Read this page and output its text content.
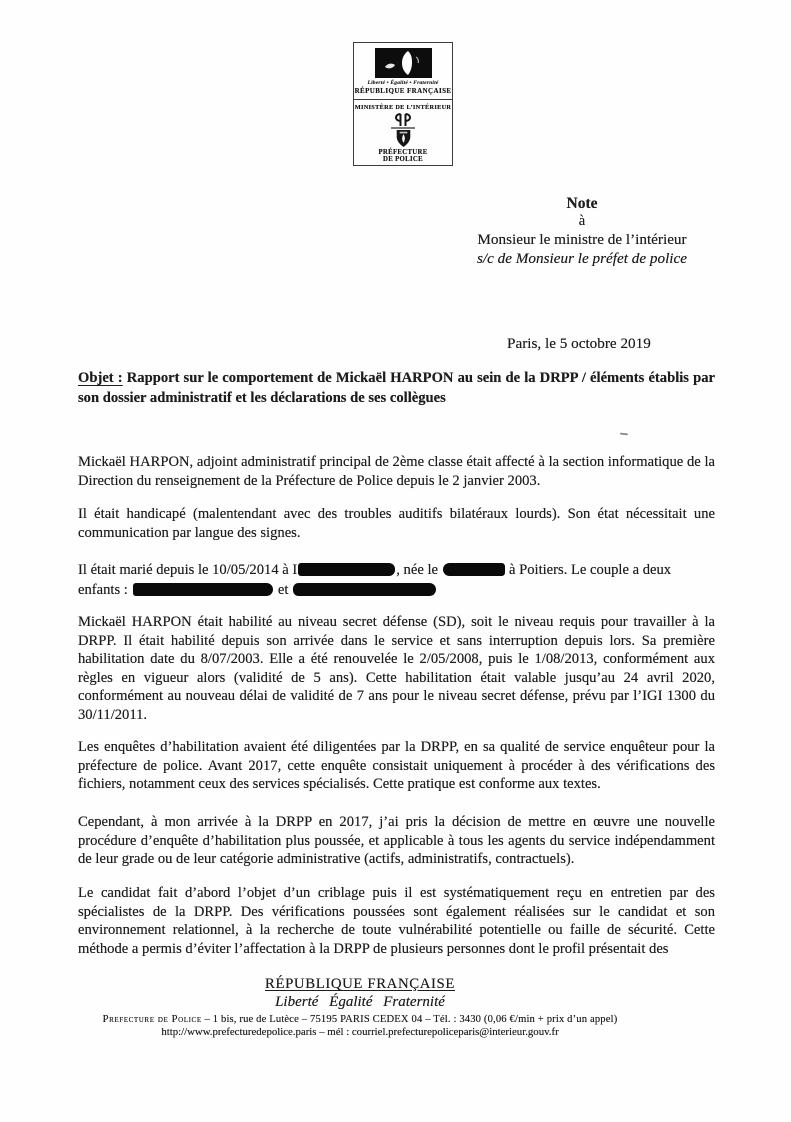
Liberté • Égalité • Fraternité
RÉPUBLIQUE FRANÇAISE
MINISTÈRE DE L’INTÉRIEUR
PRÉFECTURE
DE POLICE
Note
à
Monsieur le ministre de l’intérieur
s/c de Monsieur le préfet de police
Paris, le 5 octobre 2019

Objet : Rapport sur le comportement de Mickaël HARPON au sein de la DRPP / éléments établis par son dossier administratif et les déclarations de ses collègues

Mickaël HARPON, adjoint administratif principal de 2ème classe était affecté à la section informatique de la Direction du renseignement de la Préfecture de Police depuis le 2 janvier 2003.

Il était handicapé (malentendant avec des troubles auditifs bilatéraux lourds). Son état nécessitait une communication par langue des signes.

Il était marié depuis le 10/05/2014 à I	, née le	à Poitiers. Le couple a deux
enfants :	et

Mickaël HARPON était habilité au niveau secret défense (SD), soit le niveau requis pour travailler à la DRPP. Il était habilité depuis son arrivée dans le service et sans interruption depuis lors. Sa première habilitation date du 8/07/2003. Elle a été renouvelée le 2/05/2008, puis le 1/08/2013, conformément aux règles en vigueur alors (validité de 5 ans). Cette habilitation était valable jusqu’au 24 avril 2020, conformément au nouveau délai de validité de 7 ans pour le niveau secret défense, prévu par l’IGI 1300 du 30/11/2011.

Les enquêtes d’habilitation avaient été diligentées par la DRPP, en sa qualité de service enquêteur pour la préfecture de police. Avant 2017, cette enquête consistait uniquement à procéder à des vérifications des fichiers, notamment ceux des services spécialisés. Cette pratique est conforme aux textes.

Cependant, à mon arrivée à la DRPP en 2017, j’ai pris la décision de mettre en œuvre une nouvelle procédure d’enquête d’habilitation plus poussée, et applicable à tous les agents du service indépendamment de leur grade ou de leur catégorie administrative (actifs, administratifs, contractuels).

Le candidat fait d’abord l’objet d’un criblage puis il est systématiquement reçu en entretien par des spécialistes de la DRPP. Des vérifications poussées sont également réalisées sur le candidat et son environnement relationnel, à la recherche de toute vulnérabilité potentielle ou faille de sécurité. Cette méthode a permis d’éviter l’affectation à la DRPP de plusieurs personnes dont le profil présentait des

RÉPUBLIQUE FRANÇAISE
Liberté Égalité Fraternité
Prefecture de Police – 1 bis, rue de Lutèce – 75195 PARIS CEDEX 04 – Tél. : 3430 (0,06 €/min + prix d’un appel)
http://www.prefecturedepolice.paris – mél : courriel.prefecturepoliceparis@interieur.gouv.fr
